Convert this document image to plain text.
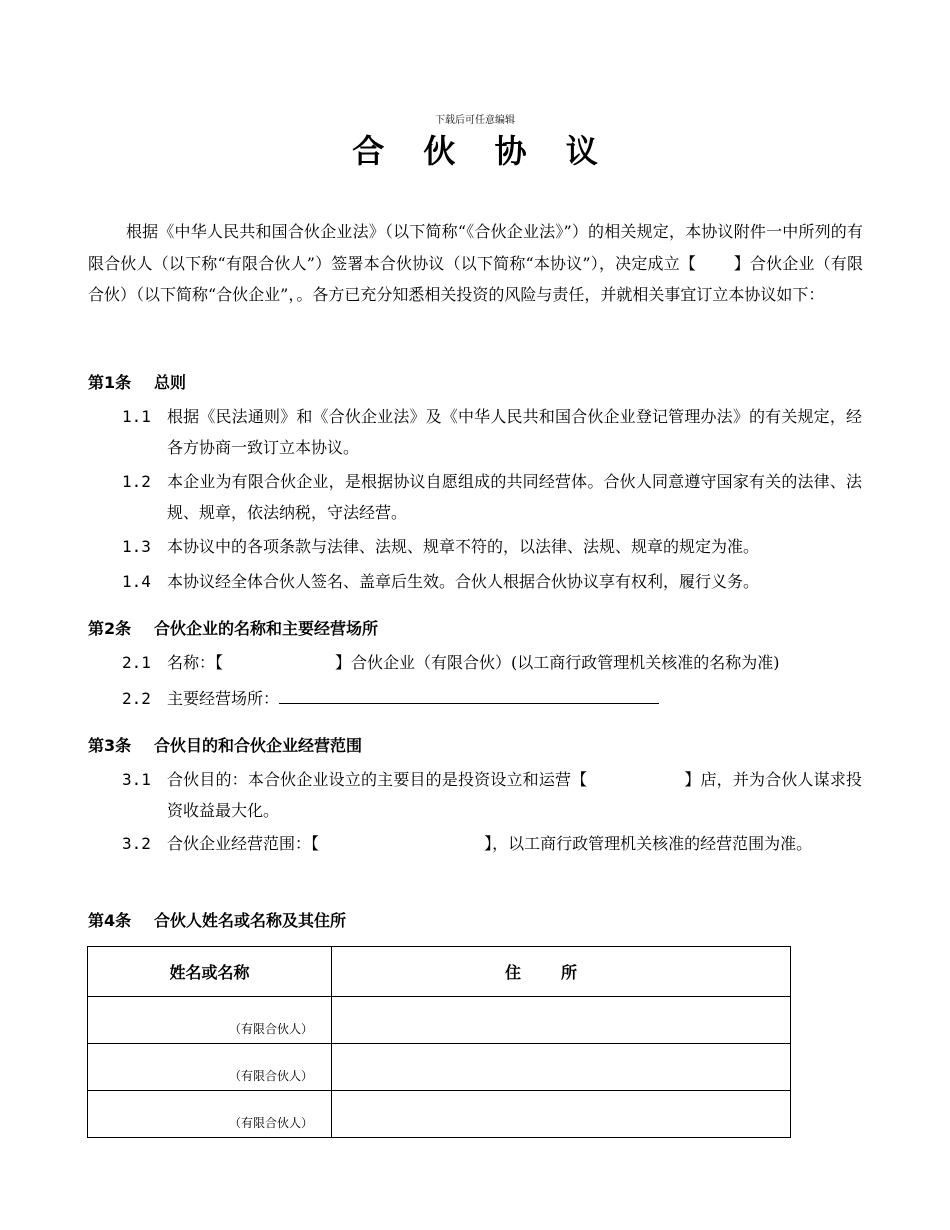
下载后可任意编辑
合 伙 协 议

根据《中华人民共和国合伙企业法》（以下简称“《合伙企业法》”）的相关规定，本协议附件一中所列的有限合伙人（以下称“有限合伙人”）签署本合伙协议（以下简称“本协议”），决定成立【　　 】合伙企业（有限合伙）（以下简称“合伙企业”，。各方已充分知悉相关投资的风险与责任，并就相关事宜订立本协议如下：

第1条 总则
1.1	根据《民法通则》和《合伙企业法》及《中华人民共和国合伙企业登记管理办法》的有关规定，经各方协商一致订立本协议。
1.2	本企业为有限合伙企业，是根据协议自愿组成的共同经营体。合伙人同意遵守国家有关的法律、法规、规章，依法纳税，守法经营。
1.3	本协议中的各项条款与法律、法规、规章不符的，以法律、法规、规章的规定为准。
1.4	本协议经全体合伙人签名、盖章后生效。合伙人根据合伙协议享有权利，履行义务。
第2条 合伙企业的名称和主要经营场所
2.1	名称：【　　　　　　　】合伙企业（有限合伙）(以工商行政管理机关核准的名称为准)
2.2	主要经营场所：
第3条 合伙目的和合伙企业经营范围
3.1	合伙目的：本合伙企业设立的主要目的是投资设立和运营【　　　　　　】店，并为合伙人谋求投资收益最大化。
3.2	合伙企业经营范围：【　　　　　　　　　　 】，以工商行政管理机关核准的经营范围为准。
第4条 合伙人姓名或名称及其住所
姓名或名称	住所
（有限合伙人）	
（有限合伙人）	
（有限合伙人）	
